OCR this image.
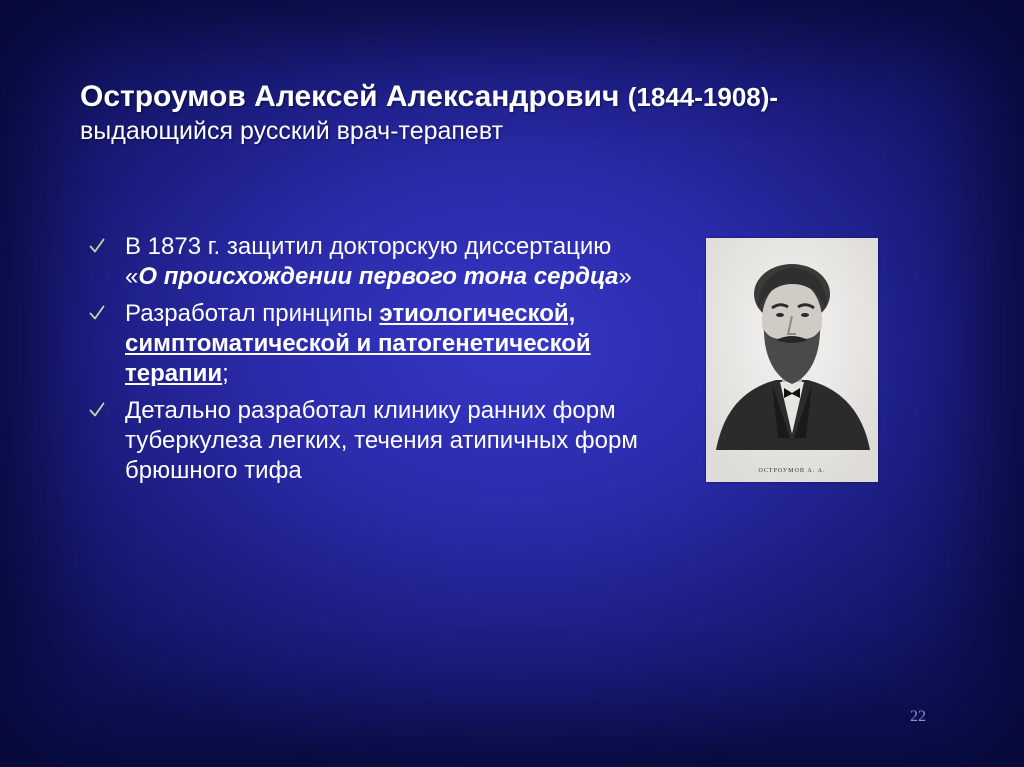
Остроумов Алексей Александрович (1844-1908)-
выдающийся русский врач-терапевт
В 1873 г. защитил докторскую диссертацию «О происхождении первого тона сердца»
Разработал принципы этиологической, симптоматической и патогенетической терапии;
Детально разработал клинику ранних форм туберкулеза легких, течения атипичных форм брюшного тифа	ОСТРОУМОВ А. А.
22
